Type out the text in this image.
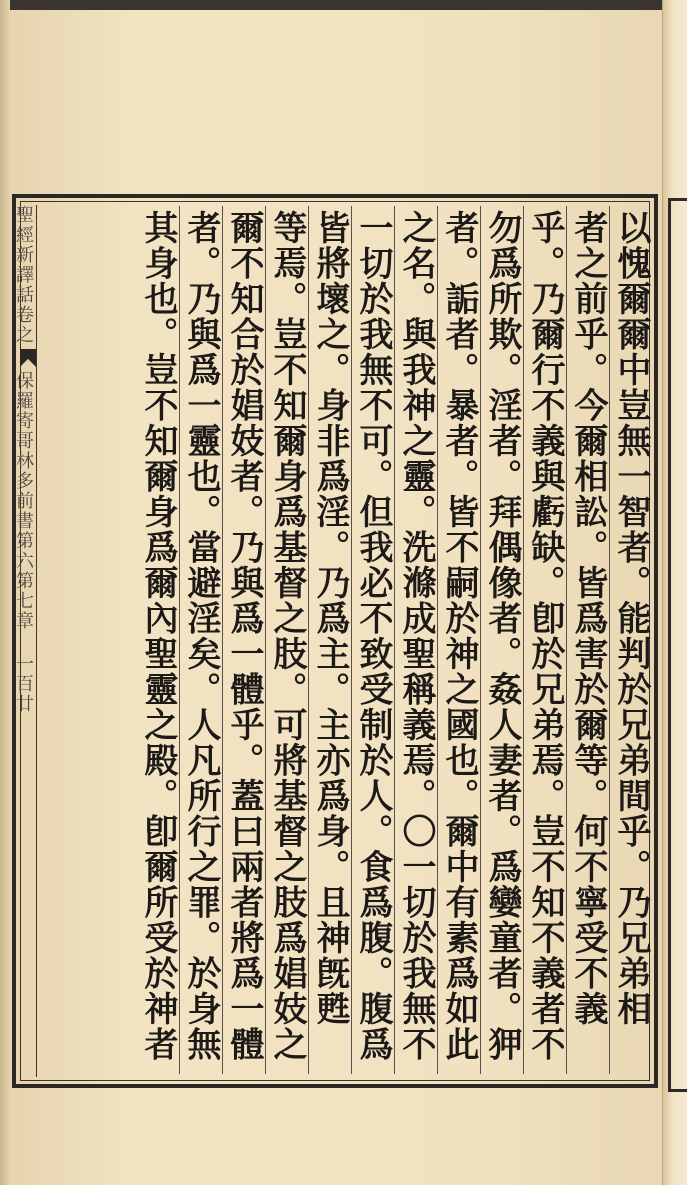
聖經新譯話卷之
保羅寄哥林多前書第六第七章 一百廿
以愧爾爾中豈無一智者。能判於兄弟間乎。乃兄弟相
者之前乎。今爾相訟。皆爲害於爾等。何不寧受不義
乎。乃爾行不義與虧缺。卽於兄弟焉。豈不知不義者不
勿爲所欺。淫者。拜偶像者。姦人妻者。爲孌童者。狎
者。詬者。暴者。皆不嗣於神之國也。爾中有素爲如此
之名。與我神之靈。洗滌成聖稱義焉。〇一切於我無不
一切於我無不可。但我必不致受制於人。食爲腹。腹爲
皆將壞之。身非爲淫。乃爲主。主亦爲身。且神旣甦
等焉。豈不知爾身爲基督之肢。可將基督之肢爲娼妓之
爾不知合於娼妓者。乃與爲一體乎。蓋曰兩者將爲一體
者。乃與爲一靈也。當避淫矣。人凡所行之罪。於身無
其身也。豈不知爾身爲爾內聖靈之殿。卽爾所受於神者
